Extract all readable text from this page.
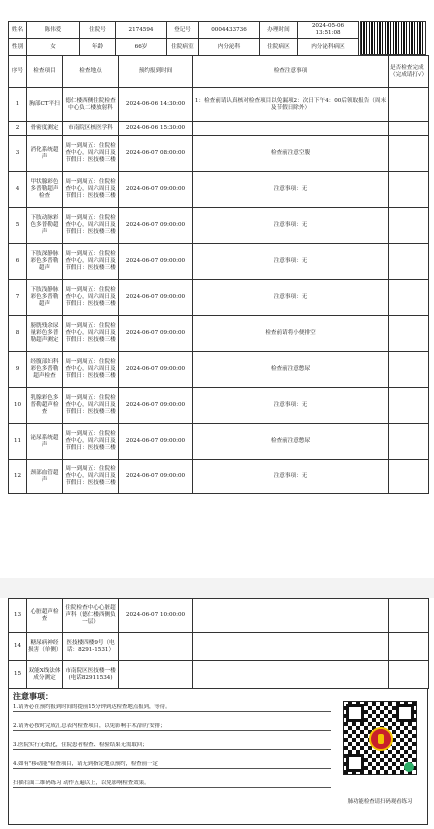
姓名	陈伟爱	住院号	2174594	登记号	0004433736	办理时间	2024-05-06 13:51:08
性别	女	年龄	66岁	住院病室	内分泌科	住院病区	内分泌科病区
序号	检查项目	检查地点	预约报到时间	检查注意事项	是否检查完成（完成请打√）
1	胸部CT平扫	德仁楼西侧住院检查中心负二楼放射科	2024-06-06 14:30:00	1：检查前请认真核对检查项目以免漏项2：次日下午4：00后领取报告（周末及节假日除外）	
2	骨密度测定	市南院区核医学科	2024-06-06 15:30:00		
3	消化系统超声	周一到周五：住院检查中心，周六周日及节假日：医技楼三楼	2024-06-07 08:00:00	检查前注意空腹	
4	甲状腺彩色多普勒超声检查	周一到周五：住院检查中心，周六周日及节假日：医技楼三楼	2024-06-07 09:00:00	注意事项：无	
5	下肢动脉彩色多普勒超声	周一到周五：住院检查中心，周六周日及节假日：医技楼三楼	2024-06-07 09:00:00	注意事项：无	
6	下肢深静脉彩色多普勒超声	周一到周五：住院检查中心，周六周日及节假日：医技楼三楼	2024-06-07 09:00:00	注意事项：无	
7	下肢浅静脉彩色多普勒超声	周一到周五：住院检查中心，周六周日及节假日：医技楼三楼	2024-06-07 09:00:00	注意事项：无	
8	膀胱残余尿量彩色多普勒超声测定	周一到周五：住院检查中心，周六周日及节假日：医技楼三楼	2024-06-07 09:00:00	检查前请将小便排空	
9	经腹部妇科彩色多普勒超声检查	周一到周五：住院检查中心，周六周日及节假日：医技楼三楼	2024-06-07 09:00:00	检查前注意憋尿	
10	乳腺彩色多普勒超声检查	周一到周五：住院检查中心，周六周日及节假日：医技楼三楼	2024-06-07 09:00:00	注意事项：无	
11	泌尿系统超声	周一到周五：住院检查中心，周六周日及节假日：医技楼三楼	2024-06-07 09:00:00	检查前注意憋尿	
12	颈部血管超声	周一到周五：住院检查中心，周六周日及节假日：医技楼三楼	2024-06-07 09:00:00	注意事项：无	
13	心脏超声检查	住院检查中心心脏超声科（德仁楼西侧负一层）	2024-06-07 10:00:00		
14	糖尿病神经损害（单侧）	医技楼四楼9号（电话：8291-1531）			
15	双能X线法体成分测定	市南院区医技楼一楼(电话82911534)			
注意事项：
1.请务必在预约报到时间的提前15分钟到达检查地点报到，等待。
2.请务必按时完成汇总表内检查项目，以免影响手术/治疗安排；
3.医院实行无纸化，住院患者检查、检验结果无需取回；
4.如有"移动能"检查项目，请无到指定地点预约，检查前一定
扫描右面二维码练习 动作五遍以上，以免影响检查效果。
肺功能检查请扫码观看练习
